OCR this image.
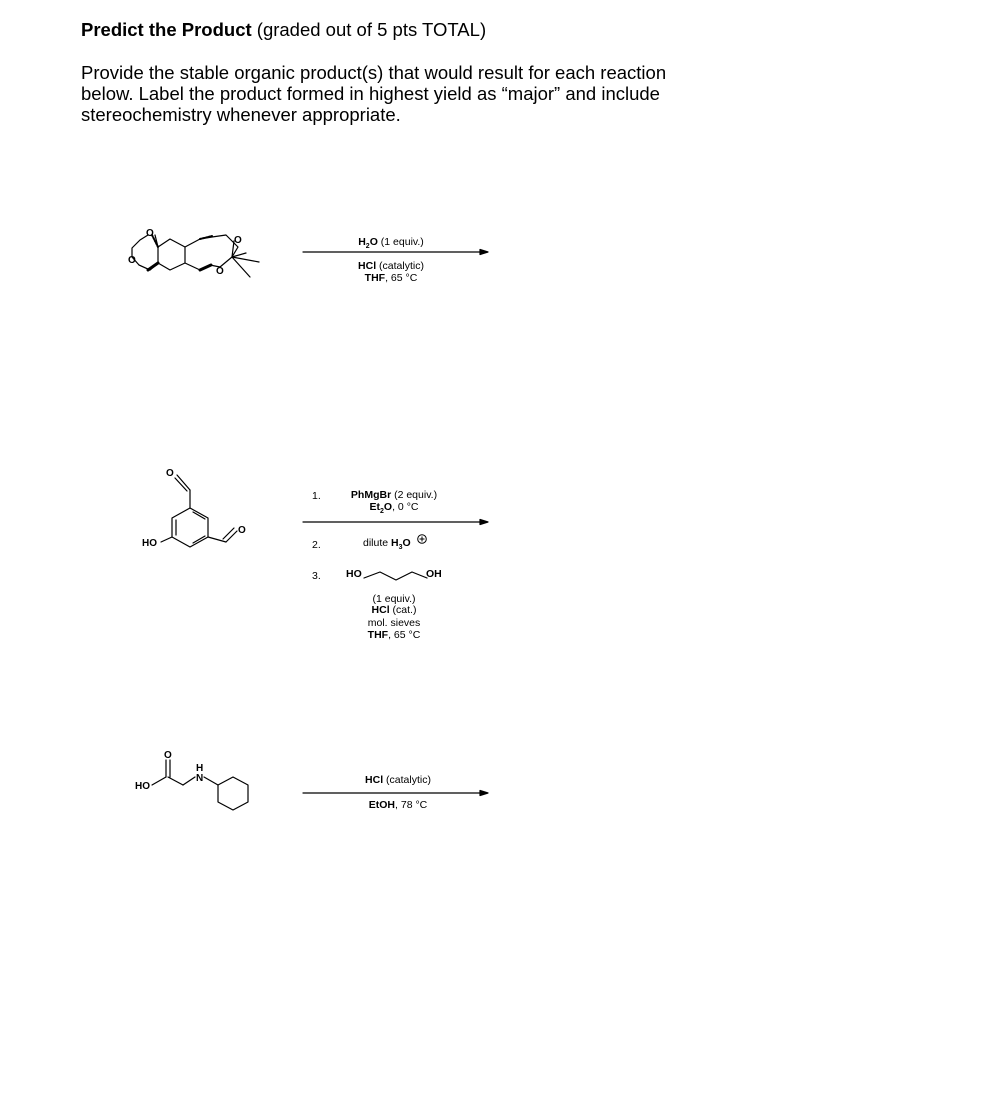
Predict the Product (graded out of 5 pts TOTAL)
Provide the stable organic product(s) that would result for each reaction
below. Label the product formed in highest yield as “major” and include
stereochemistry whenever appropriate.
$H_2O$ (1 equiv.)
HCl (catalytic)
THF, 65 °C
1.	PhMgBr (2 equiv.)
$Et_2O$, 0 °C
2.	dilute $H_3O$
3. HO	OH
(1 equiv.)
HCl (cat.)
mol. sieves
THF, 65 °C
HCl (catalytic)
EtOH, 78 °C
O
O
O
O
O
O
HO
HO
O
H
N
